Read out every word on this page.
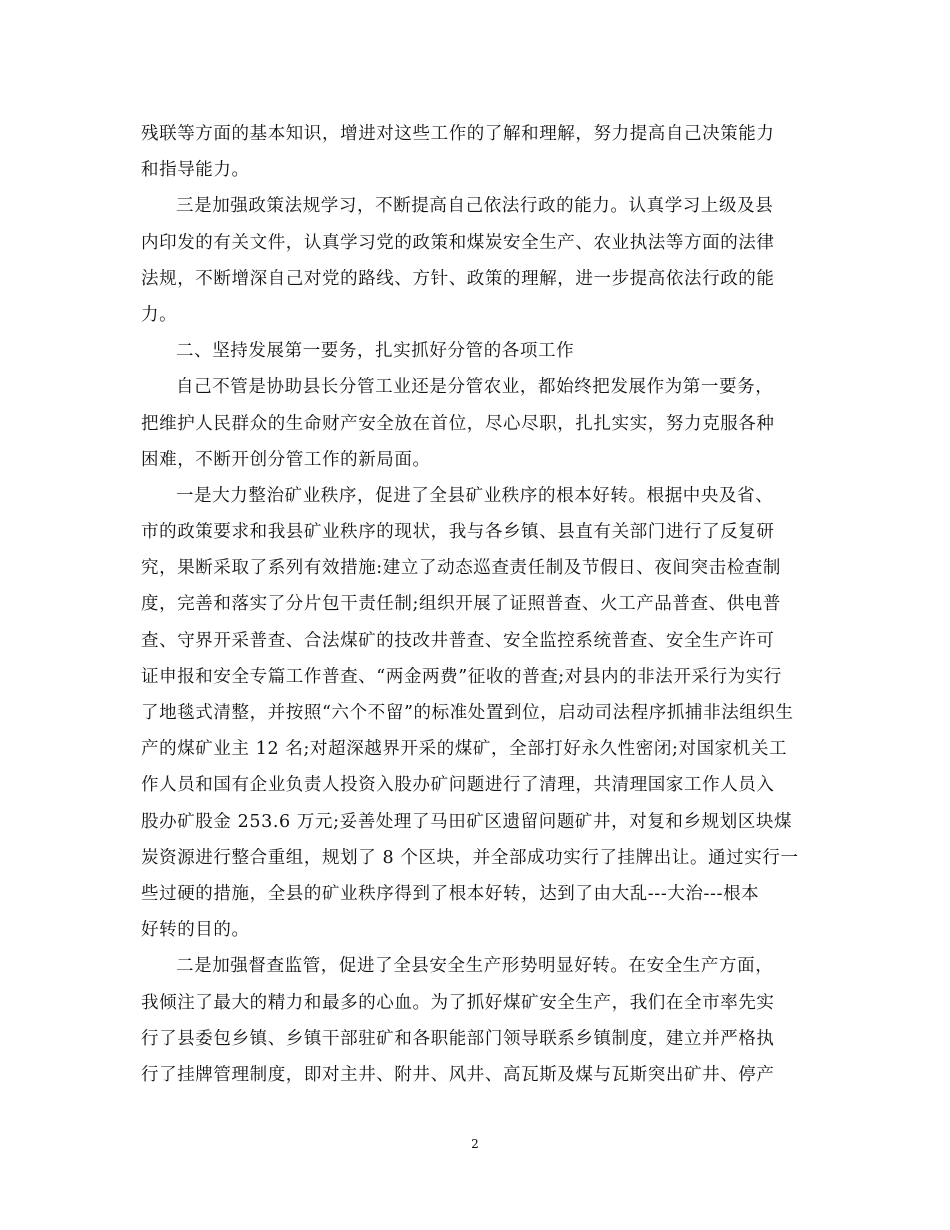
残联等方面的基本知识，增进对这些工作的了解和理解，努力提高自己决策能力
和指导能力。
三是加强政策法规学习，不断提高自己依法行政的能力。认真学习上级及县
内印发的有关文件，认真学习党的政策和煤炭安全生产、农业执法等方面的法律
法规，不断增深自己对党的路线、方针、政策的理解，进一步提高依法行政的能
力。
二、坚持发展第一要务，扎实抓好分管的各项工作
自己不管是协助县长分管工业还是分管农业，都始终把发展作为第一要务，
把维护人民群众的生命财产安全放在首位，尽心尽职，扎扎实实，努力克服各种
困难，不断开创分管工作的新局面。
一是大力整治矿业秩序，促进了全县矿业秩序的根本好转。根据中央及省、
市的政策要求和我县矿业秩序的现状，我与各乡镇、县直有关部门进行了反复研
究，果断采取了系列有效措施:建立了动态巡查责任制及节假日、夜间突击检查制
度，完善和落实了分片包干责任制;组织开展了证照普查、火工产品普查、供电普
查、守界开采普查、合法煤矿的技改井普查、安全监控系统普查、安全生产许可
证申报和安全专篇工作普查、“两金两费”征收的普查;对县内的非法开采行为实行
了地毯式清整，并按照“六个不留”的标准处置到位，启动司法程序抓捕非法组织生
产的煤矿业主 12 名;对超深越界开采的煤矿，全部打好永久性密闭;对国家机关工
作人员和国有企业负责人投资入股办矿问题进行了清理，共清理国家工作人员入
股办矿股金 253.6 万元;妥善处理了马田矿区遗留问题矿井，对复和乡规划区块煤
炭资源进行整合重组，规划了 8 个区块，并全部成功实行了挂牌出让。通过实行一
些过硬的措施，全县的矿业秩序得到了根本好转，达到了由大乱---大治---根本
好转的目的。
二是加强督查监管，促进了全县安全生产形势明显好转。在安全生产方面，
我倾注了最大的精力和最多的心血。为了抓好煤矿安全生产，我们在全市率先实
行了县委包乡镇、乡镇干部驻矿和各职能部门领导联系乡镇制度，建立并严格执
行了挂牌管理制度，即对主井、附井、风井、高瓦斯及煤与瓦斯突出矿井、停产
2
